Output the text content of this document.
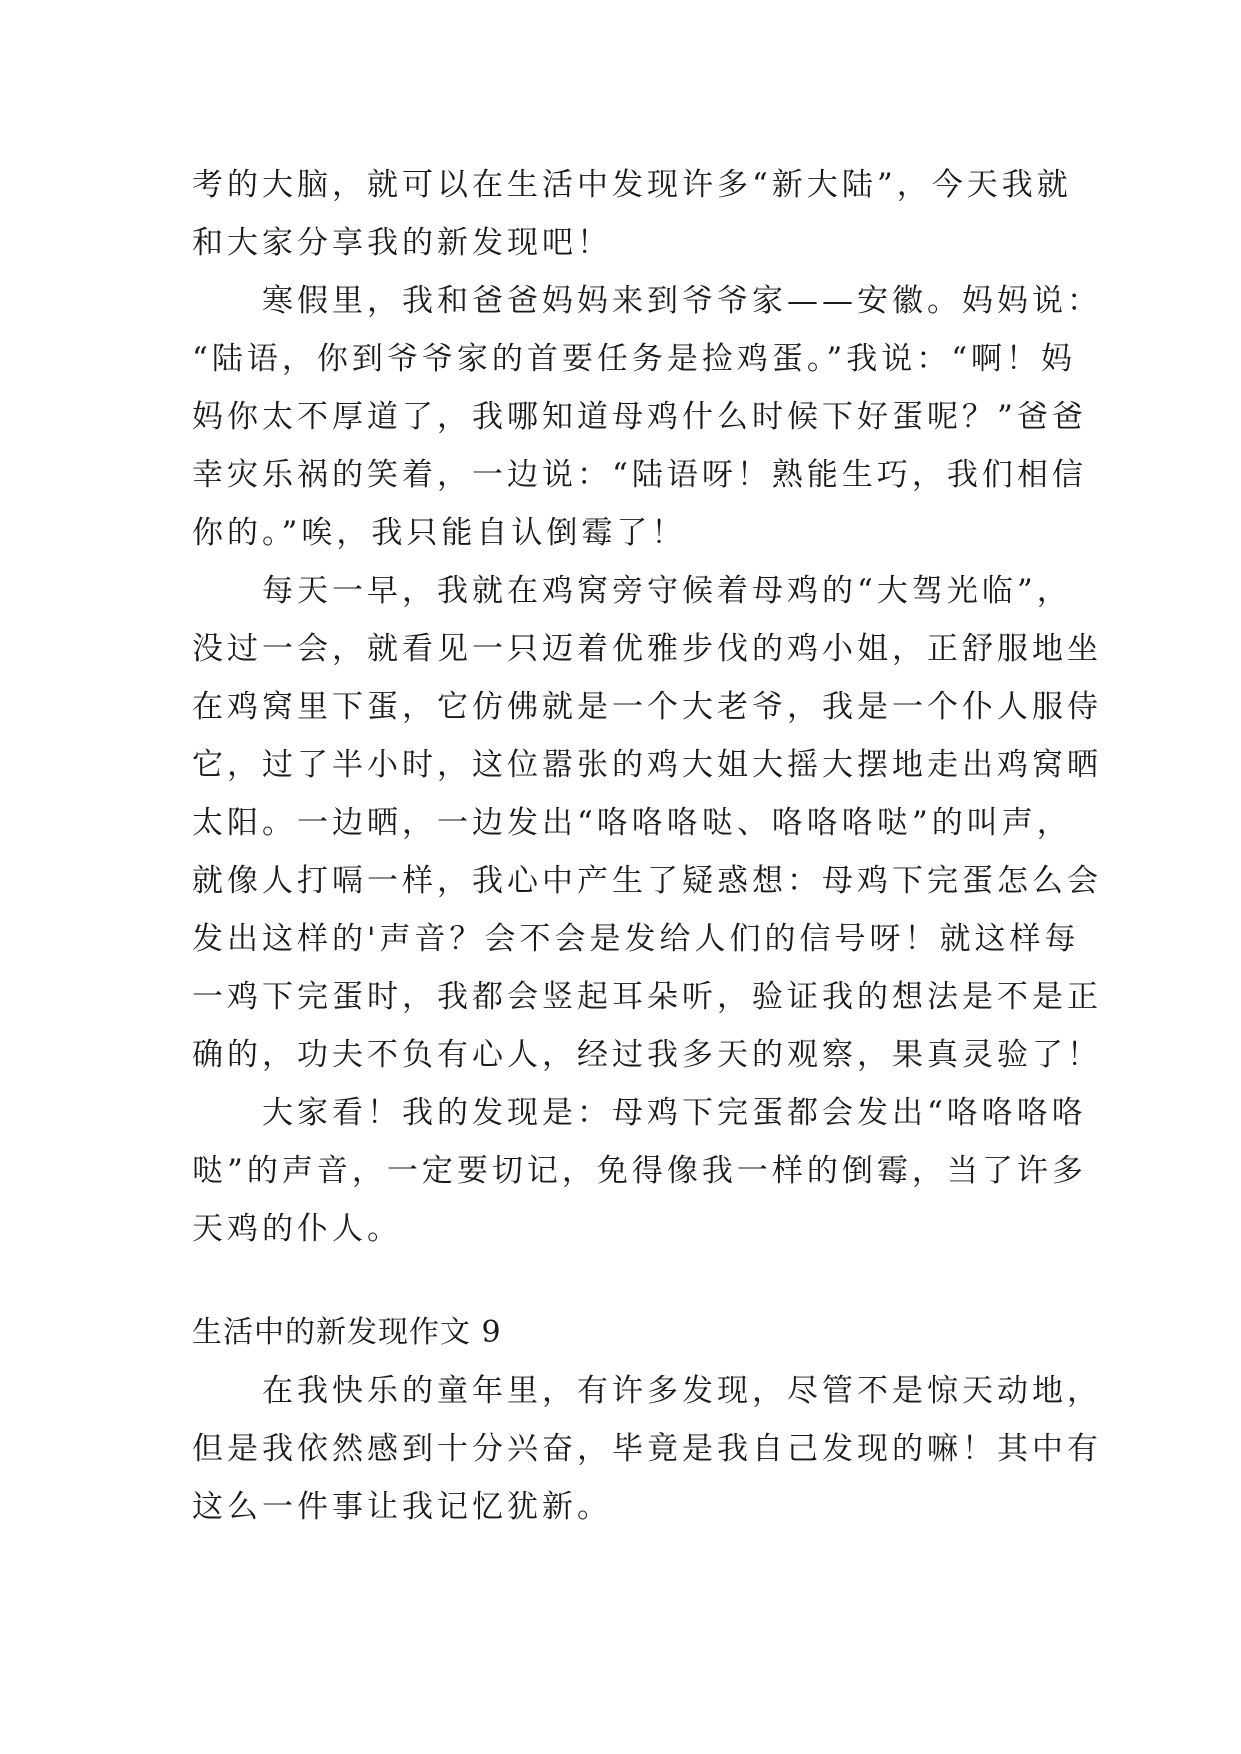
考的大脑，就可以在生活中发现许多“新大陆”，今天我就
和大家分享我的新发现吧！
　　寒假里，我和爸爸妈妈来到爷爷家——安徽。妈妈说：
“陆语，你到爷爷家的首要任务是捡鸡蛋。”我说：“啊！妈
妈你太不厚道了，我哪知道母鸡什么时候下好蛋呢？”爸爸
幸灾乐祸的笑着，一边说：“陆语呀！熟能生巧，我们相信
你的。”唉，我只能自认倒霉了！
　　每天一早，我就在鸡窝旁守候着母鸡的“大驾光临”，
没过一会，就看见一只迈着优雅步伐的鸡小姐，正舒服地坐
在鸡窝里下蛋，它仿佛就是一个大老爷，我是一个仆人服侍
它，过了半小时，这位嚣张的鸡大姐大摇大摆地走出鸡窝晒
太阳。一边晒，一边发出“咯咯咯哒、咯咯咯哒”的叫声，
就像人打嗝一样，我心中产生了疑惑想：母鸡下完蛋怎么会
发出这样的'声音？会不会是发给人们的信号呀！就这样每
一鸡下完蛋时，我都会竖起耳朵听，验证我的想法是不是正
确的，功夫不负有心人，经过我多天的观察，果真灵验了！
　　大家看！我的发现是：母鸡下完蛋都会发出“咯咯咯咯
哒”的声音，一定要切记，免得像我一样的倒霉，当了许多
天鸡的仆人。
生活中的新发现作文 9
　　在我快乐的童年里，有许多发现，尽管不是惊天动地，
但是我依然感到十分兴奋，毕竟是我自己发现的嘛！其中有
这么一件事让我记忆犹新。
